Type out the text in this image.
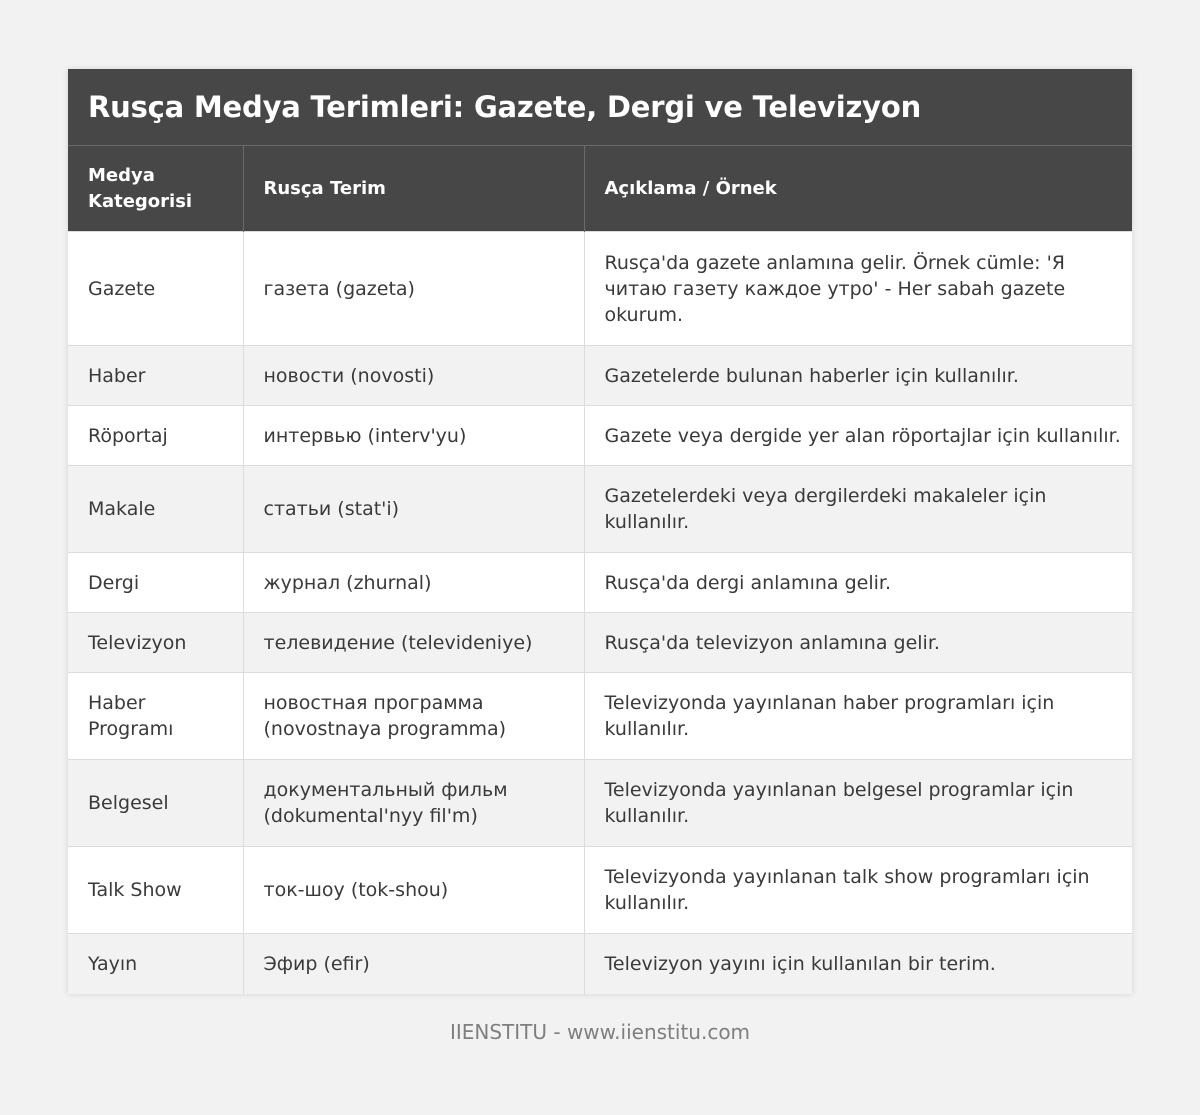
Rusça Medya Terimleri: Gazete, Dergi ve Televizyon
Medya Kategorisi	Rusça Terim	Açıklama / Örnek
Gazete	газета (gazeta)	Rusça'da gazete anlamına gelir. Örnek cümle: 'Я читаю газету каждое утро' - Her sabah gazete okurum.
Haber	новости (novosti)	Gazetelerde bulunan haberler için kullanılır.
Röportaj	интервью (interv'yu)	Gazete veya dergide yer alan röportajlar için kullanılır.
Makale	статьи (stat'i)	Gazetelerdeki veya dergilerdeki makaleler için kullanılır.
Dergi	журнал (zhurnal)	Rusça'da dergi anlamına gelir.
Televizyon	телевидение (televideniye)	Rusça'da televizyon anlamına gelir.
Haber Programı	новостная программа (novostnaya programma)	Televizyonda yayınlanan haber programları için kullanılır.
Belgesel	документальный фильм (dokumental'nyy fil'm)	Televizyonda yayınlanan belgesel programlar için kullanılır.
Talk Show	ток-шоу (tok-shou)	Televizyonda yayınlanan talk show programları için kullanılır.
Yayın	Эфир (efir)	Televizyon yayını için kullanılan bir terim.
IIENSTITU - www.iienstitu.com
